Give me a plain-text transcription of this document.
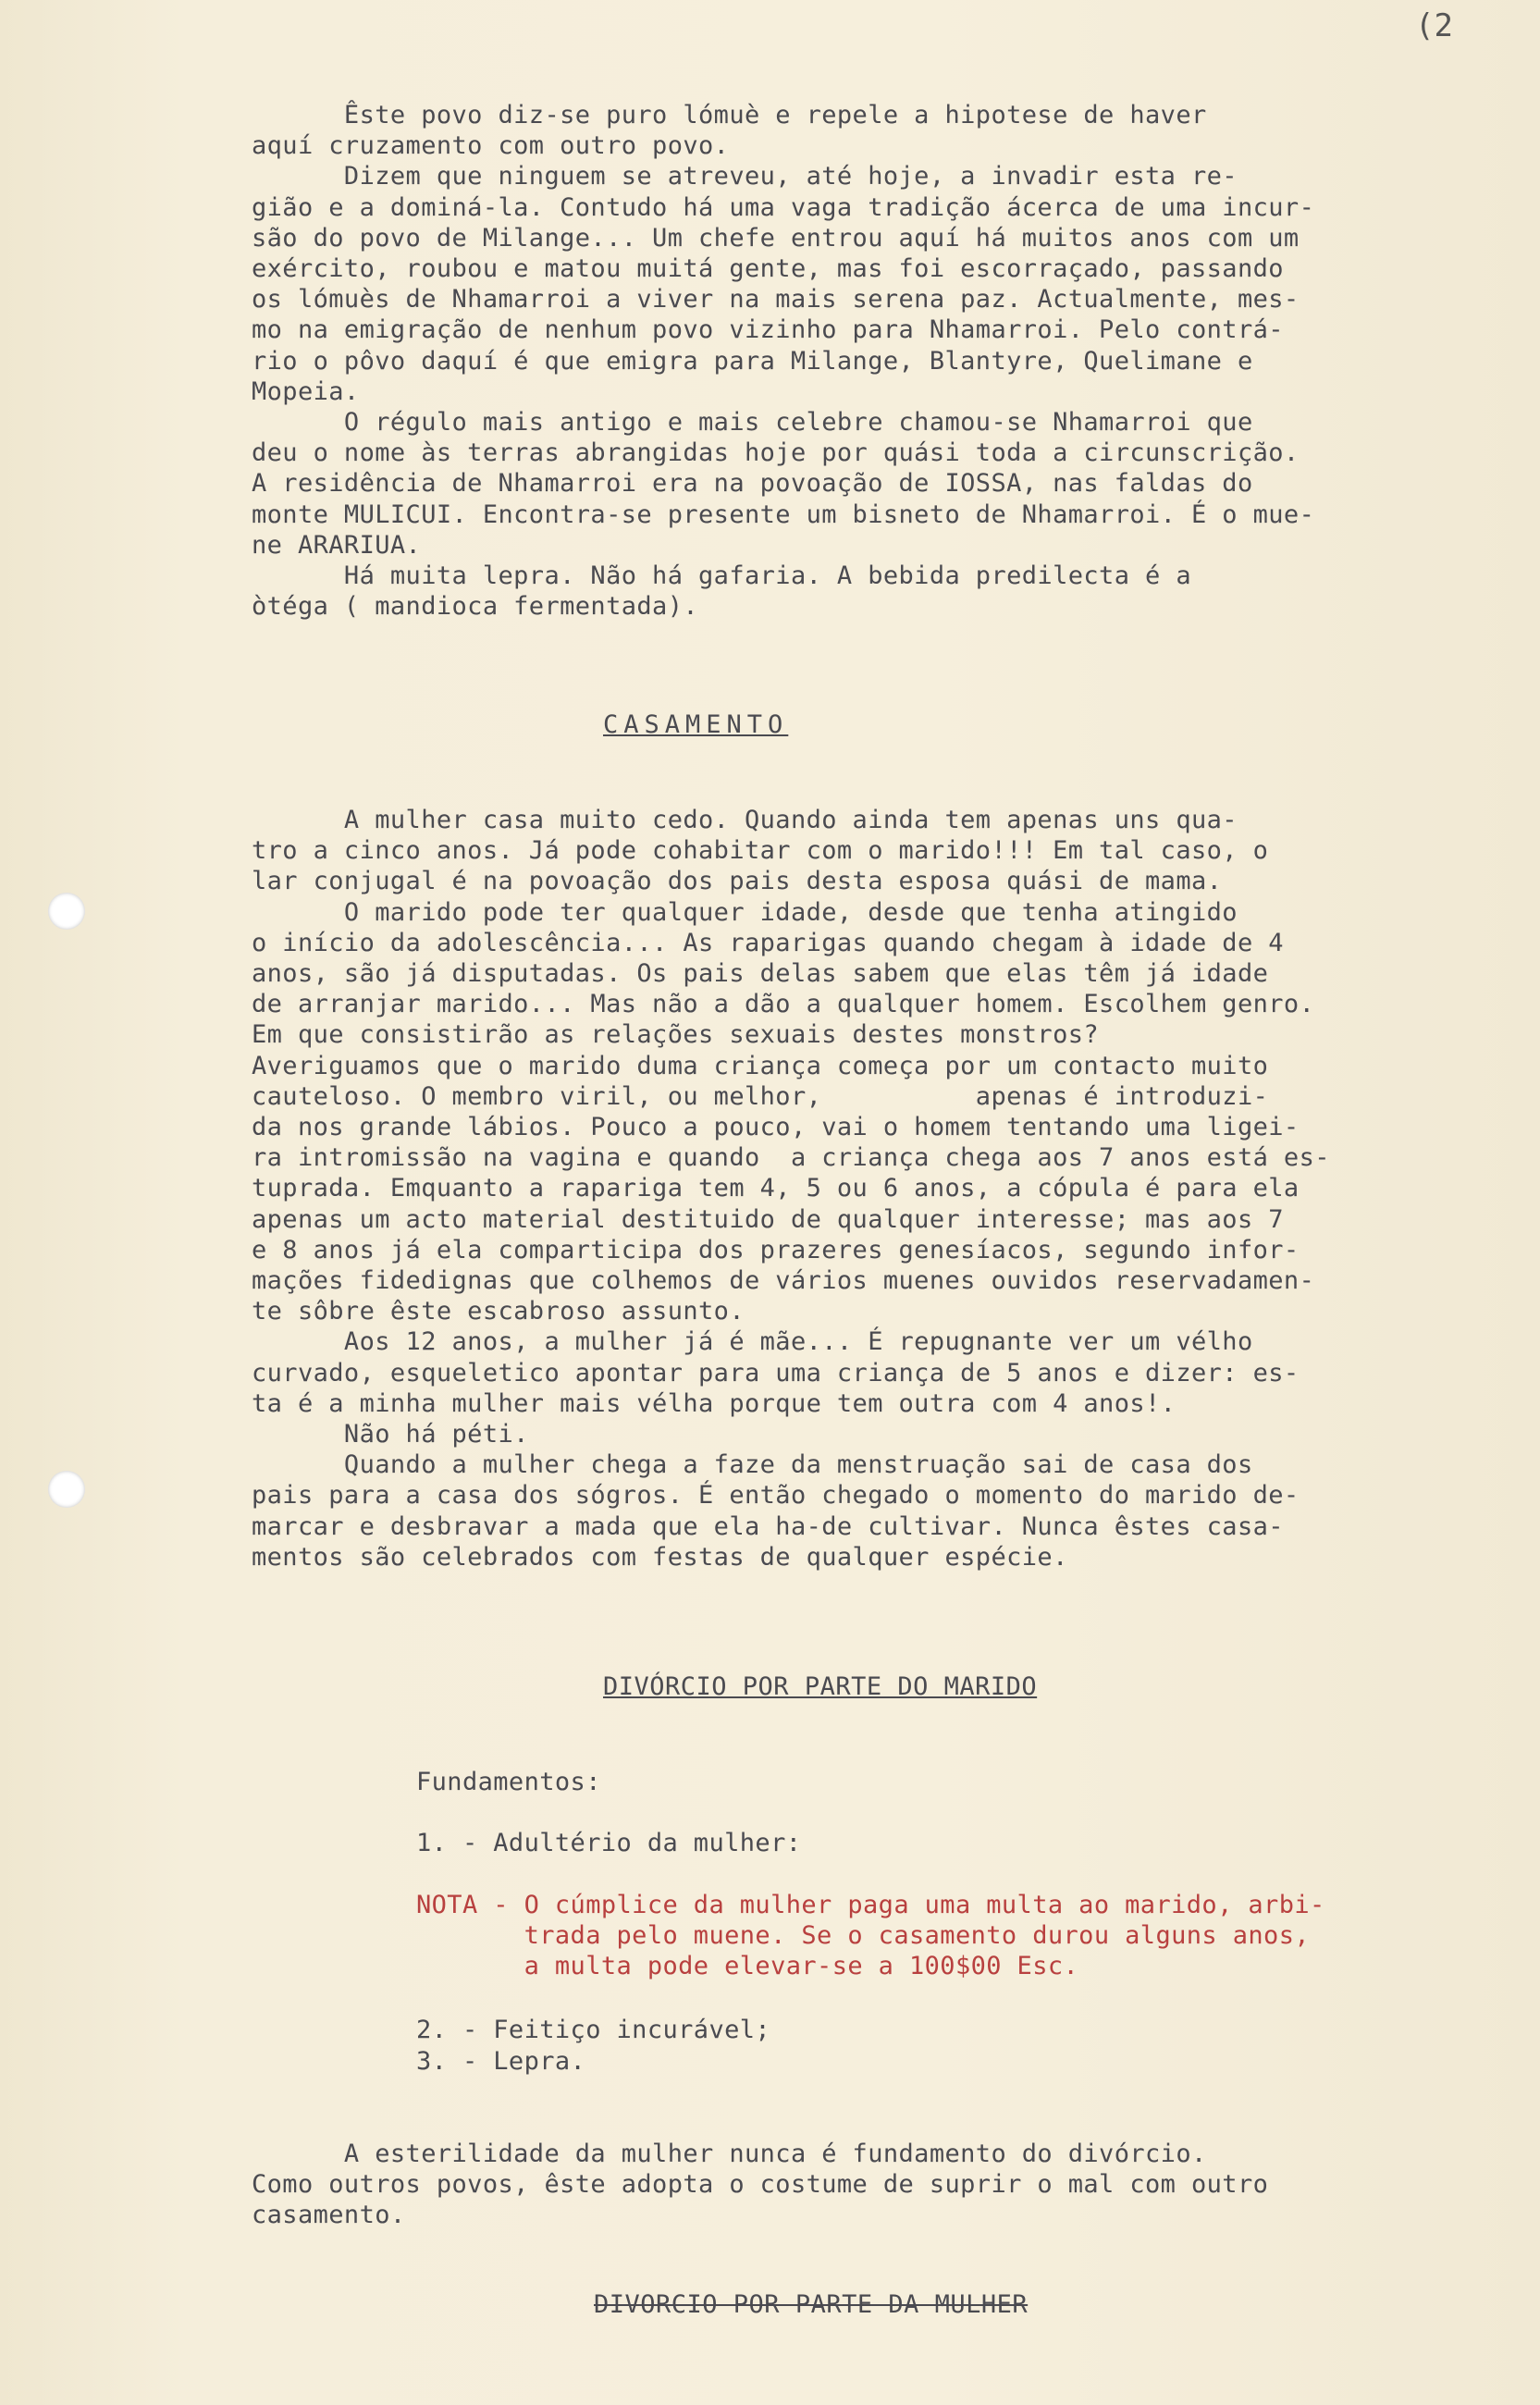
(2
Êste povo diz-se puro lómuè e repele a hipotese de haver
aquí cruzamento com outro povo.
Dizem que ninguem se atreveu, até hoje, a invadir esta re-
gião e a dominá-la. Contudo há uma vaga tradição ácerca de uma incur-
são do povo de Milange... Um chefe entrou aquí há muitos anos com um
exército, roubou e matou muitá gente, mas foi escorraçado, passando
os lómuès de Nhamarroi a viver na mais serena paz. Actualmente, mes-
mo na emigração de nenhum povo vizinho para Nhamarroi. Pelo contrá-
rio o pôvo daquí é que emigra para Milange, Blantyre, Quelimane e
Mopeia.
O régulo mais antigo e mais celebre chamou-se Nhamarroi que
deu o nome às terras abrangidas hoje por quási toda a circunscrição.
A residência de Nhamarroi era na povoação de IOSSA, nas faldas do
monte MULICUI. Encontra-se presente um bisneto de Nhamarroi. É o mue-
ne ARARIUA.
Há muita lepra. Não há gafaria. A bebida predilecta é a
òtéga ( mandioca fermentada).
CASAMENTO
A mulher casa muito cedo. Quando ainda tem apenas uns qua-
tro a cinco anos. Já pode cohabitar com o marido!!! Em tal caso, o
lar conjugal é na povoação dos pais desta esposa quási de mama.
O marido pode ter qualquer idade, desde que tenha atingido
o início da adolescência... As raparigas quando chegam à idade de 4
anos, são já disputadas. Os pais delas sabem que elas têm já idade
de arranjar marido... Mas não a dão a qualquer homem. Escolhem genro.
Em que consistirão as relações sexuais destes monstros?
Averiguamos que o marido duma criança começa por um contacto muito
cauteloso. O membro viril, ou melhor,          apenas é introduzi-
da nos grande lábios. Pouco a pouco, vai o homem tentando uma ligei-
ra intromissão na vagina e quando  a criança chega aos 7 anos está es-
tuprada. Emquanto a rapariga tem 4, 5 ou 6 anos, a cópula é para ela
apenas um acto material destituido de qualquer interesse; mas aos 7
e 8 anos já ela comparticipa dos prazeres genesíacos, segundo infor-
mações fidedignas que colhemos de vários muenes ouvidos reservadamen-
te sôbre êste escabroso assunto.
Aos 12 anos, a mulher já é mãe... É repugnante ver um vélho
curvado, esqueletico apontar para uma criança de 5 anos e dizer: es-
ta é a minha mulher mais vélha porque tem outra com 4 anos!.
Não há péti.
Quando a mulher chega a faze da menstruação sai de casa dos
pais para a casa dos sógros. É então chegado o momento do marido de-
marcar e desbravar a mada que ela ha-de cultivar. Nunca êstes casa-
mentos são celebrados com festas de qualquer espécie.
DIVÓRCIO POR PARTE DO MARIDO
Fundamentos:
1. - Adultério da mulher:
NOTA - O cúmplice da mulher paga uma multa ao marido, arbi-
trada pelo muene. Se o casamento durou alguns anos,
a multa pode elevar-se a 100$00 Esc.
2. - Feitiço incurável;
3. - Lepra.
A esterilidade da mulher nunca é fundamento do divórcio.
Como outros povos, êste adopta o costume de suprir o mal com outro
casamento.
DIVORCIO POR PARTE DA MULHER
